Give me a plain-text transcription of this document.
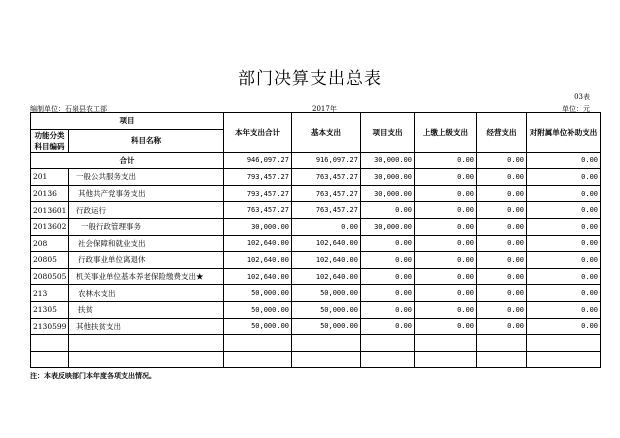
部门决算支出总表
03表
编制单位：石泉县农工部	2017年	单位：元
项目		本年支出合计	基本支出	项目支出	上缴上级支出	经营支出	对附属单位补助支出
功能分类
科目编码	科目名称						

合计		946,097.27	916,097.27	30,000.00	0.00	0.00	0.00
201	一般公共服务支出	793,457.27	763,457.27	30,000.00	0.00	0.00	0.00
20136	其他共产党事务支出	793,457.27	763,457.27	30,000.00	0.00	0.00	0.00
2013601	行政运行	763,457.27	763,457.27	0.00	0.00	0.00	0.00
2013602	一般行政管理事务	30,000.00	0.00	30,000.00	0.00	0.00	0.00
208	社会保障和就业支出	102,640.00	102,640.00	0.00	0.00	0.00	0.00
20805	行政事业单位离退休	102,640.00	102,640.00	0.00	0.00	0.00	0.00
2080505	机关事业单位基本养老保险缴费支出★	102,640.00	102,640.00	0.00	0.00	0.00	0.00
213	农林水支出	50,000.00	50,000.00	0.00	0.00	0.00	0.00
21305	扶贫	50,000.00	50,000.00	0.00	0.00	0.00	0.00
2130599	其他扶贫支出	50,000.00	50,000.00	0.00	0.00	0.00	0.00

注：本表反映部门本年度各项支出情况。
